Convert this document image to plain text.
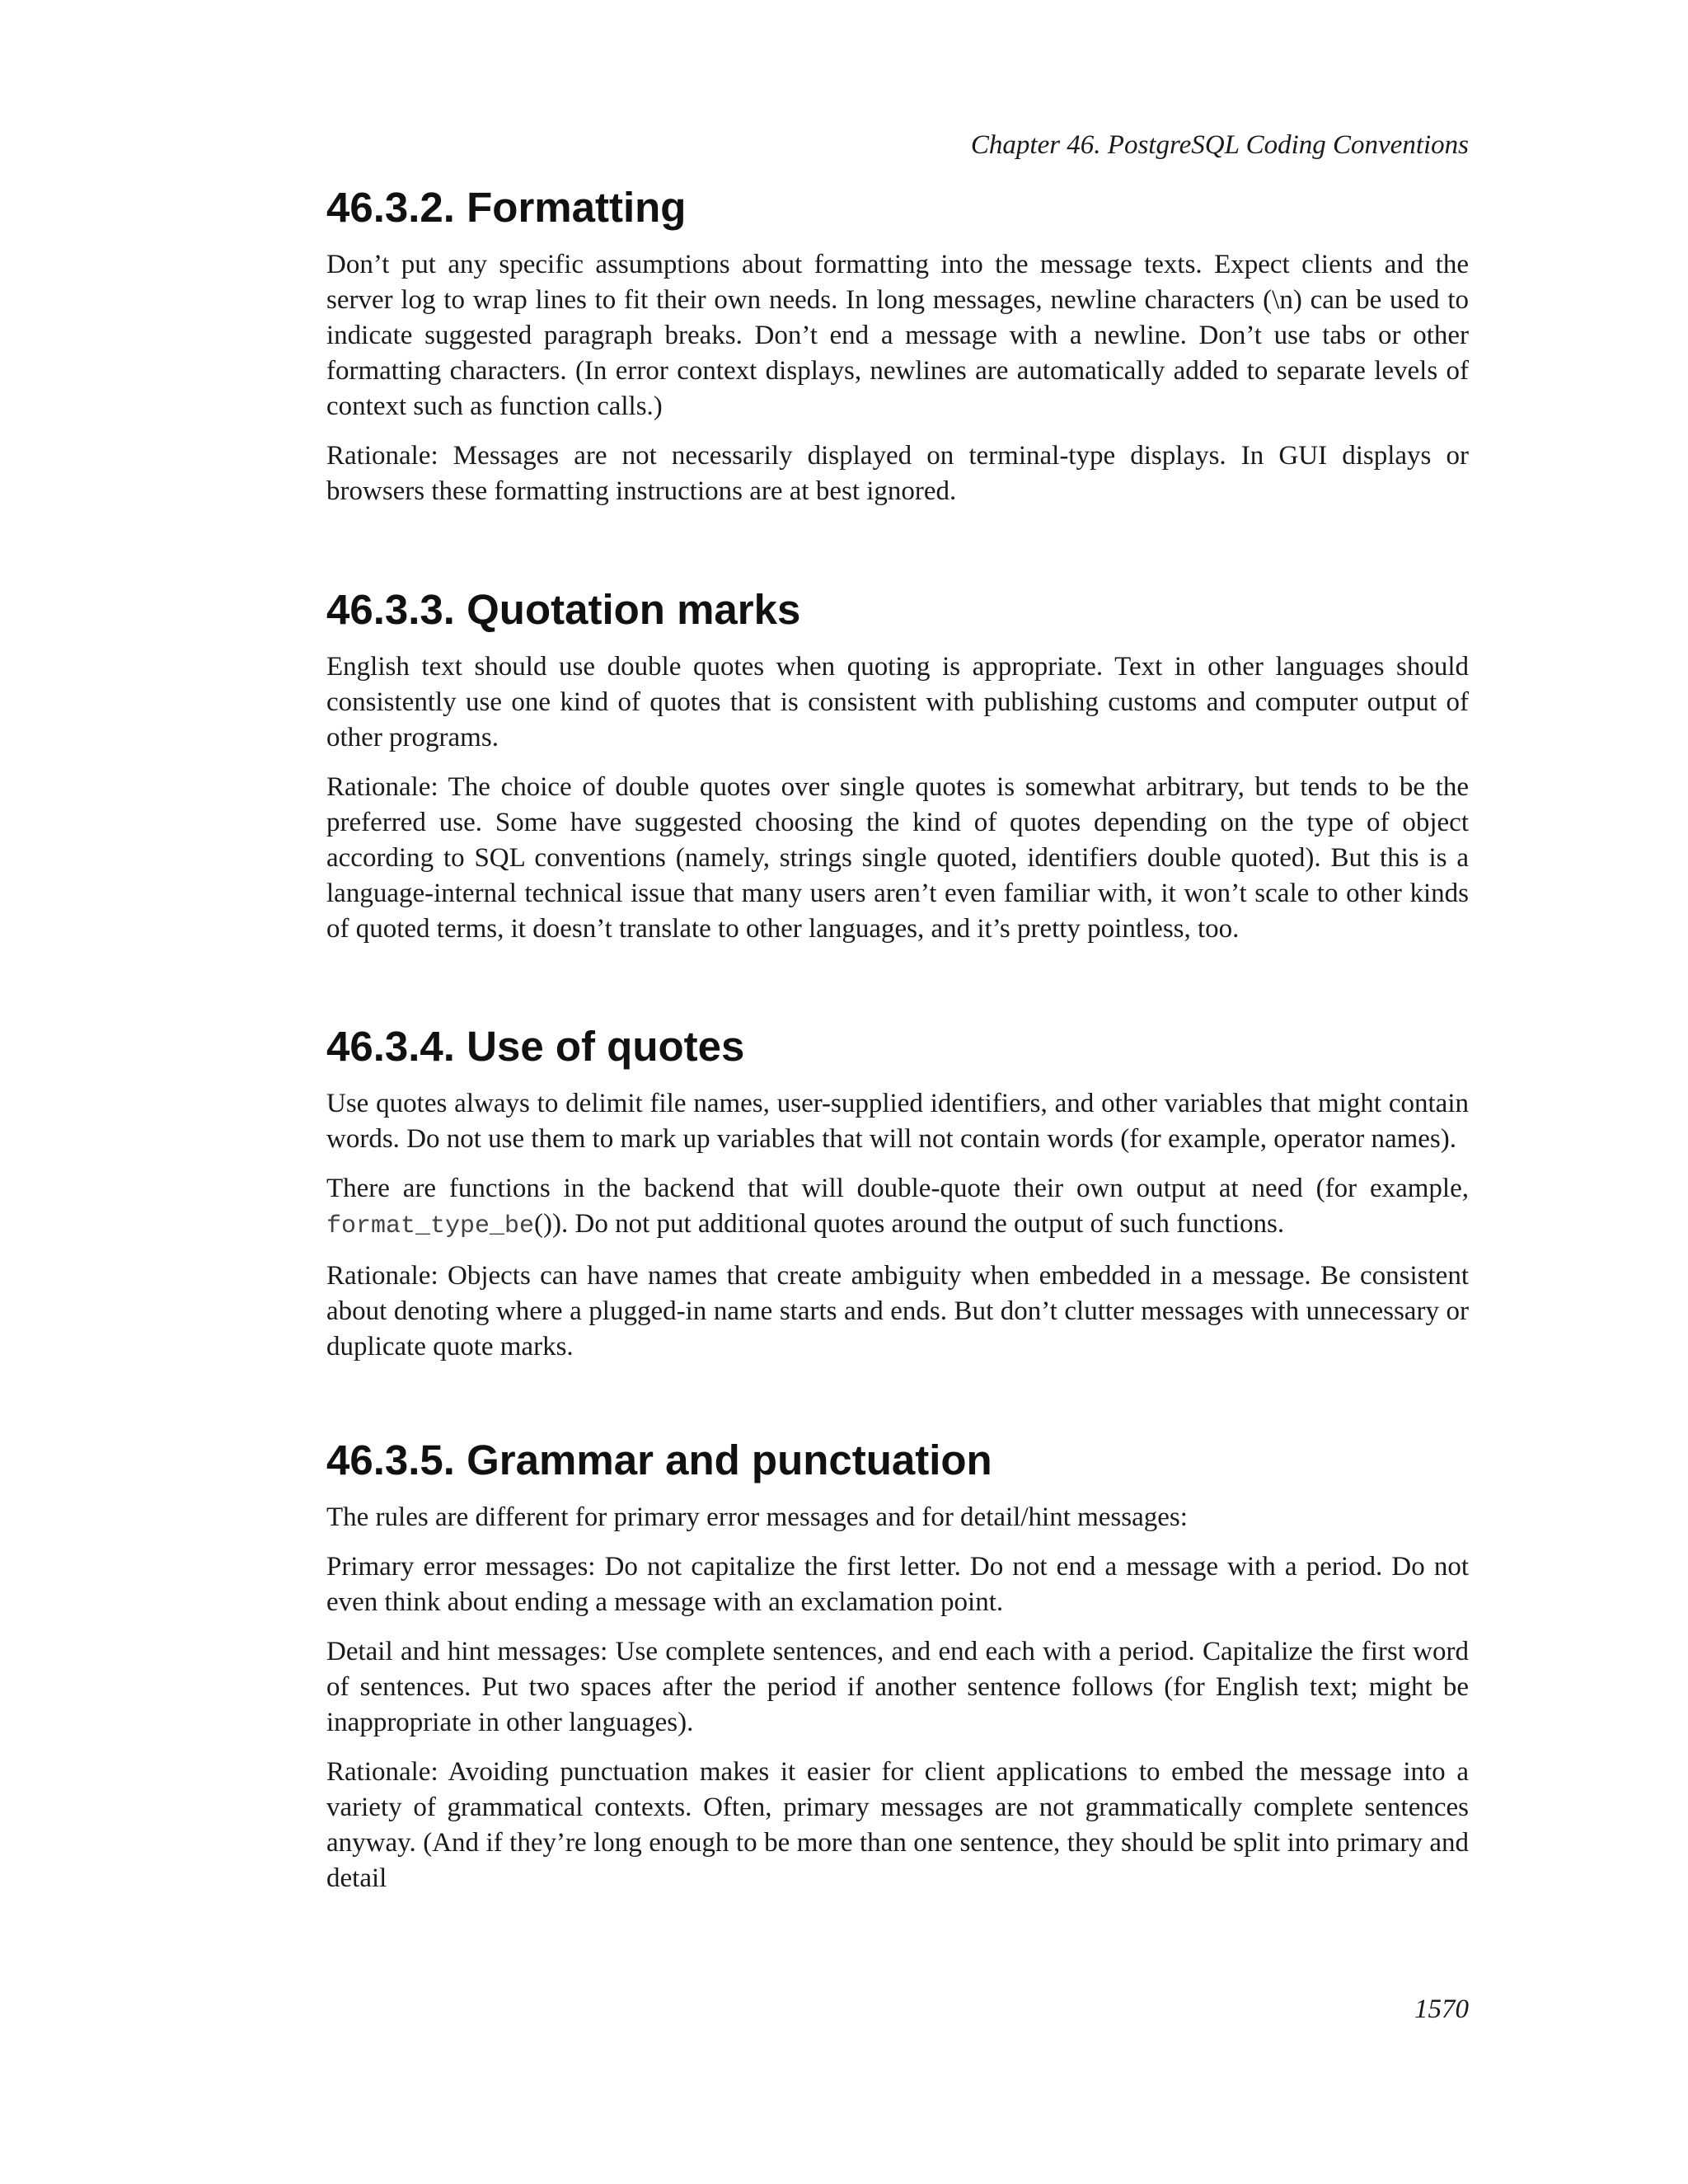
Chapter 46. PostgreSQL Coding Conventions
46.3.2. Formatting

Don’t put any specific assumptions about formatting into the message texts. Expect clients and the server log to wrap lines to fit their own needs. In long messages, newline characters (\n) can be used to indicate suggested paragraph breaks. Don’t end a message with a newline. Don’t use tabs or other formatting characters. (In error context displays, newlines are automatically added to separate levels of context such as function calls.)

Rationale: Messages are not necessarily displayed on terminal-type displays. In GUI displays or browsers these formatting instructions are at best ignored.

46.3.3. Quotation marks

English text should use double quotes when quoting is appropriate. Text in other languages should consistently use one kind of quotes that is consistent with publishing customs and computer output of other programs.

Rationale: The choice of double quotes over single quotes is somewhat arbitrary, but tends to be the preferred use. Some have suggested choosing the kind of quotes depending on the type of object according to SQL conventions (namely, strings single quoted, identifiers double quoted). But this is a language-internal technical issue that many users aren’t even familiar with, it won’t scale to other kinds of quoted terms, it doesn’t translate to other languages, and it’s pretty pointless, too.

46.3.4. Use of quotes

Use quotes always to delimit file names, user-supplied identifiers, and other variables that might contain words. Do not use them to mark up variables that will not contain words (for example, operator names).

There are functions in the backend that will double-quote their own output at need (for example, format_type_be()). Do not put additional quotes around the output of such functions.

Rationale: Objects can have names that create ambiguity when embedded in a message. Be consistent about denoting where a plugged-in name starts and ends. But don’t clutter messages with unnecessary or duplicate quote marks.

46.3.5. Grammar and punctuation

The rules are different for primary error messages and for detail/hint messages:

Primary error messages: Do not capitalize the first letter. Do not end a message with a period. Do not even think about ending a message with an exclamation point.

Detail and hint messages: Use complete sentences, and end each with a period. Capitalize the first word of sentences. Put two spaces after the period if another sentence follows (for English text; might be inappropriate in other languages).

Rationale: Avoiding punctuation makes it easier for client applications to embed the message into a variety of grammatical contexts. Often, primary messages are not grammatically complete sentences anyway. (And if they’re long enough to be more than one sentence, they should be split into primary and detail

1570
